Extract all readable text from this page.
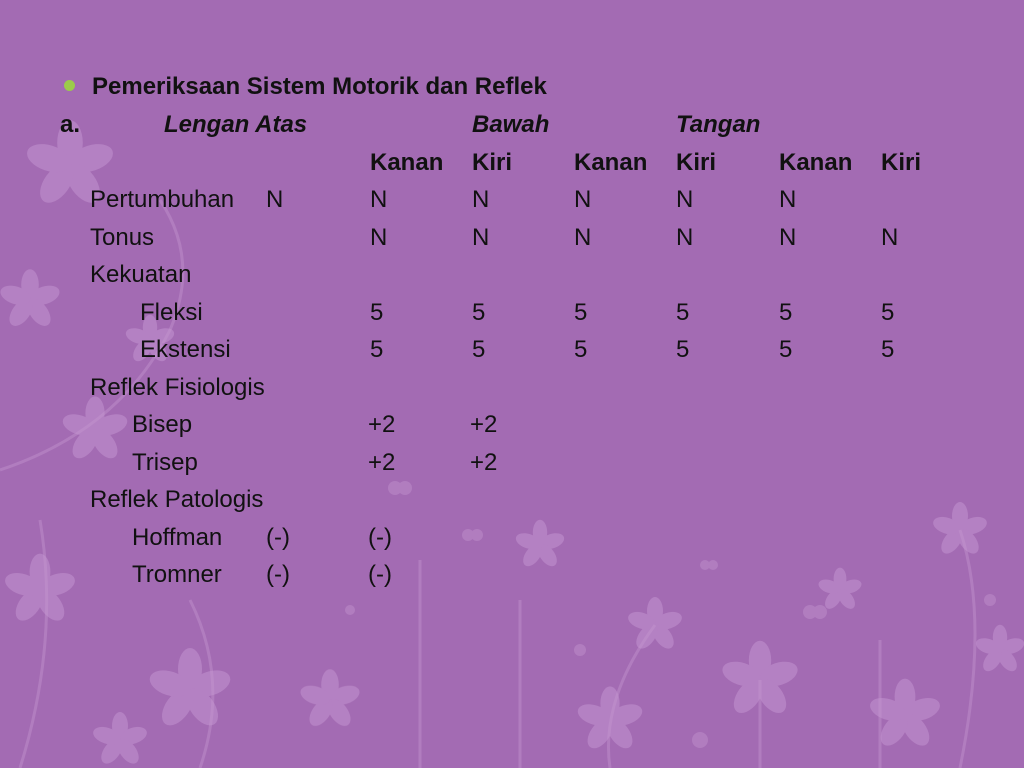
Pemeriksaan Sistem Motorik dan Reflek
a.	Lengan Atas	Bawah	Tangan
Kanan Kiri	Kanan Kiri	Kanan Kiri
Pertumbuhan N	N	N	N	N	N
Tonus	N	N	N	N	N	N
Kekuatan
Fleksi	5	5	5	5	5	5
Ekstensi	5	5	5	5	5	5
Reflek Fisiologis
Bisep	+2	+2
Trisep	+2	+2
Reflek Patologis
Hoffman (-)	(-)
Tromner (-)	(-)
